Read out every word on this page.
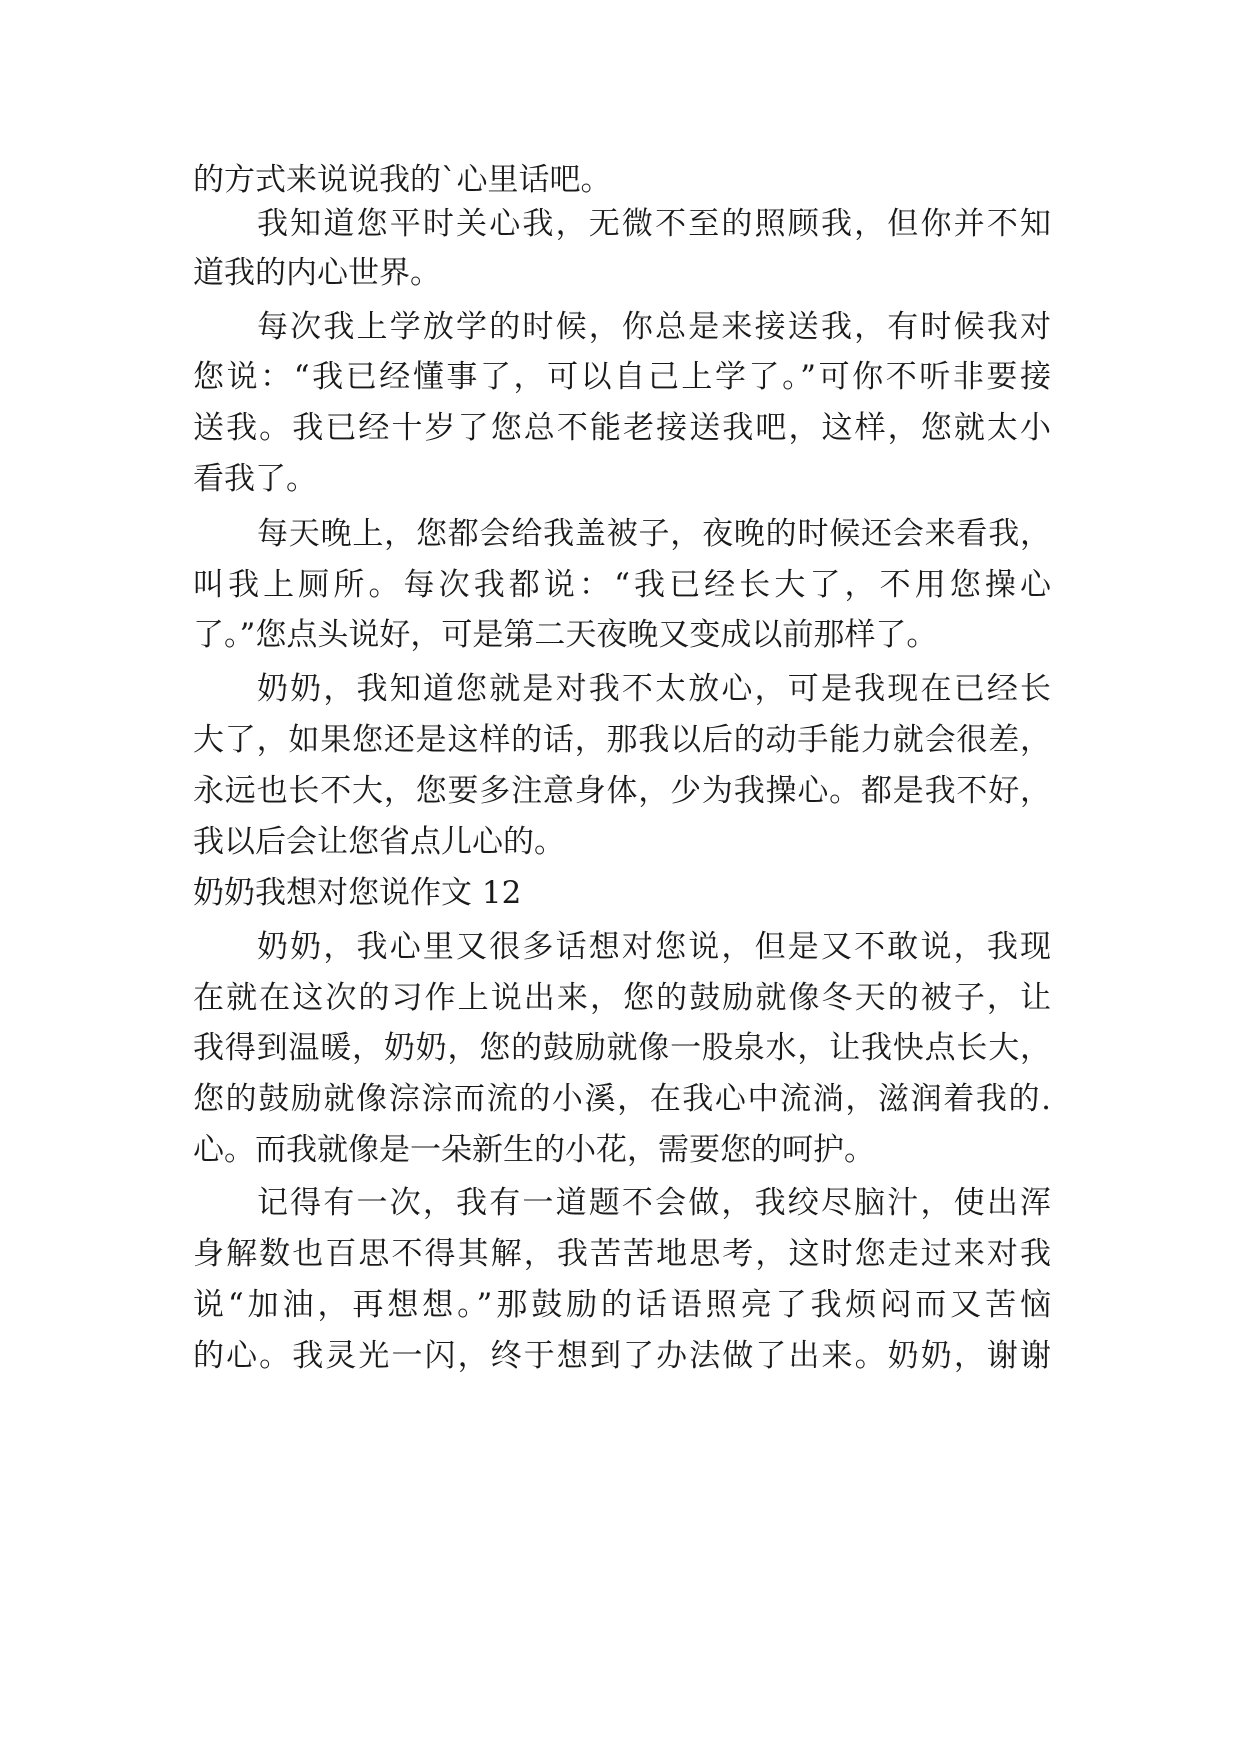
的方式来说说我的`心里话吧。
我知道您平时关心我，无微不至的照顾我，但你并不知
道我的内心世界。
每次我上学放学的时候，你总是来接送我，有时候我对
您说：“我已经懂事了，可以自己上学了。”可你不听非要接
送我。我已经十岁了您总不能老接送我吧，这样，您就太小
看我了。
每天晚上，您都会给我盖被子，夜晚的时候还会来看我，
叫我上厕所。每次我都说：“我已经长大了，不用您操心
了。”您点头说好，可是第二天夜晚又变成以前那样了。
奶奶，我知道您就是对我不太放心，可是我现在已经长
大了，如果您还是这样的话，那我以后的动手能力就会很差，
永远也长不大，您要多注意身体，少为我操心。都是我不好，
我以后会让您省点儿心的。
奶奶我想对您说作文 12
奶奶，我心里又很多话想对您说，但是又不敢说，我现
在就在这次的习作上说出来，您的鼓励就像冬天的被子，让
我得到温暖，奶奶，您的鼓励就像一股泉水，让我快点长大，
您的鼓励就像淙淙而流的小溪，在我心中流淌，滋润着我的.
心。而我就像是一朵新生的小花，需要您的呵护。
记得有一次，我有一道题不会做，我绞尽脑汁，使出浑
身解数也百思不得其解，我苦苦地思考，这时您走过来对我
说“加油，再想想。”那鼓励的话语照亮了我烦闷而又苦恼
的心。我灵光一闪，终于想到了办法做了出来。奶奶，谢谢
